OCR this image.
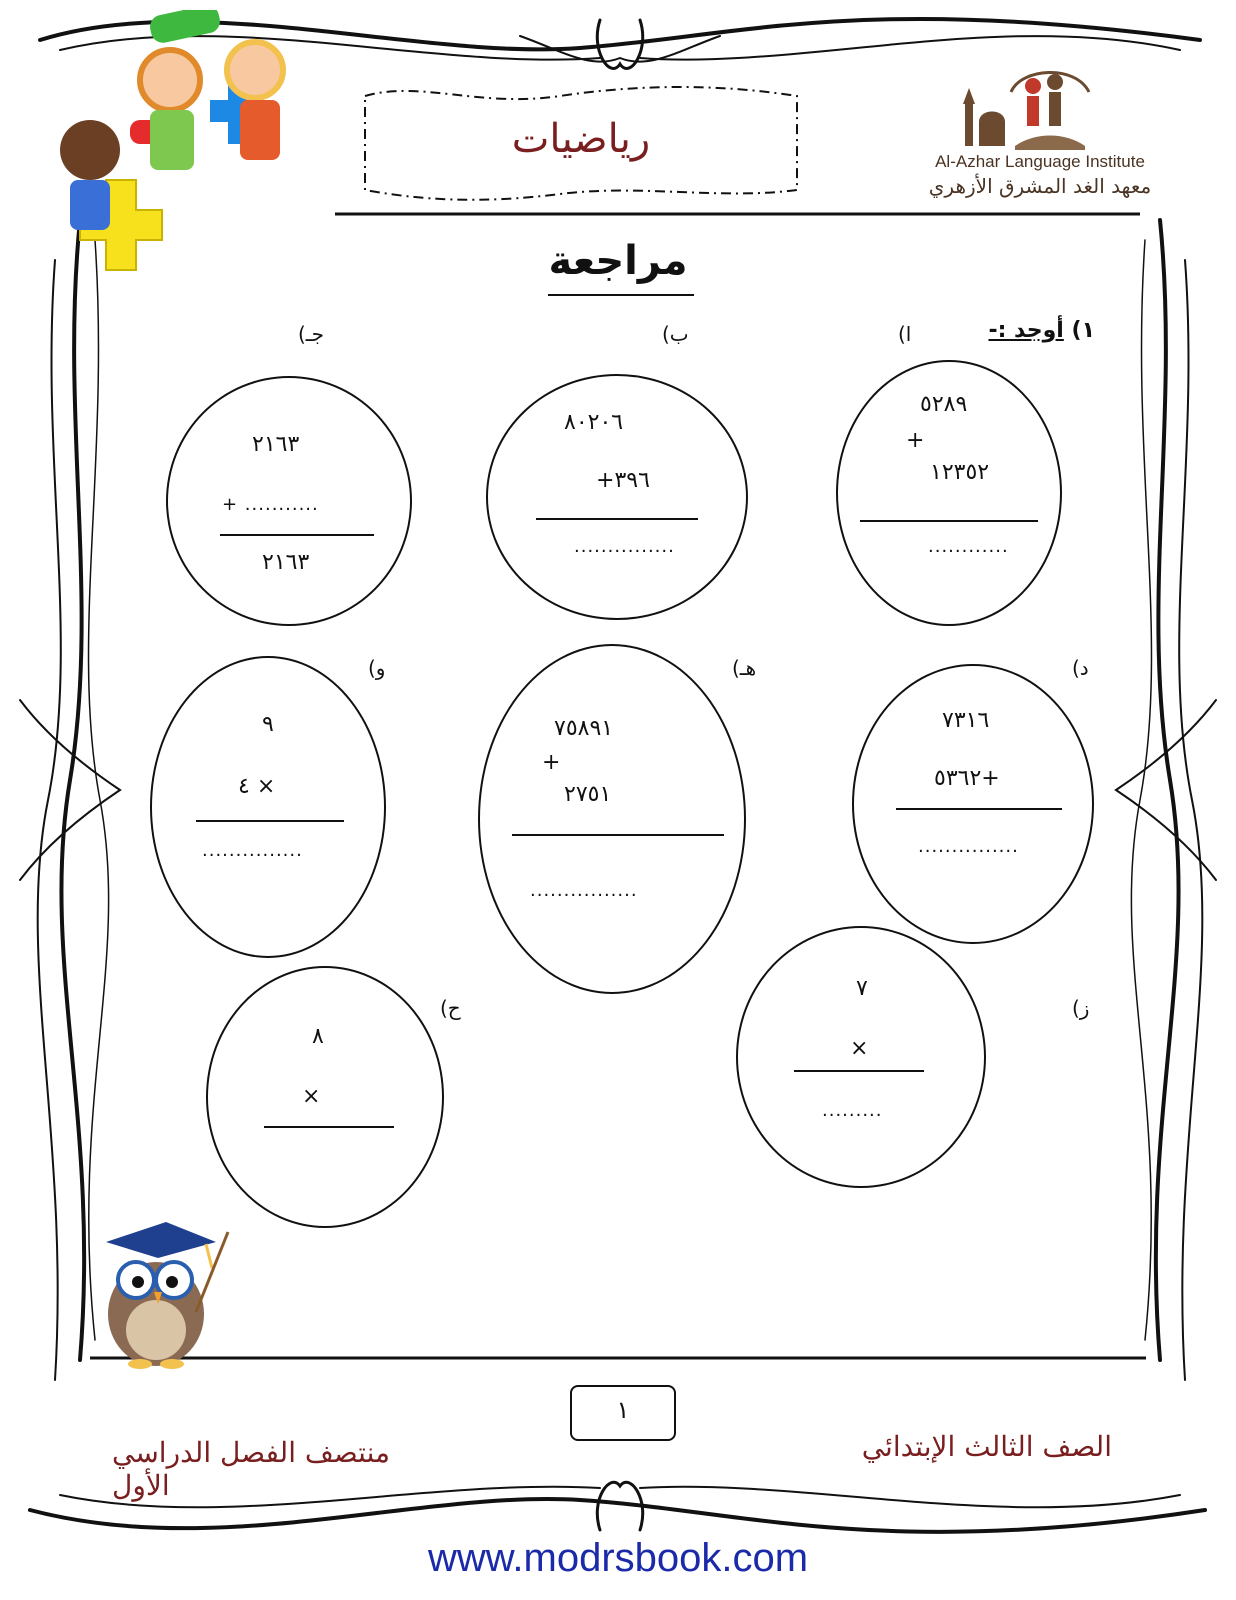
Al-Azhar Language Institute
معهد الغد المشرق الأزهري
رياضيات
مراجعة
١) أوجد :-
ا)
ب)
جـ)
د)
هـ)
و)
ز)
ح)
٥٢٨٩
+
١٢٣٥٢
............
٨٠٢٠٦
٣٩٦+
...............
٢١٦٣
+ ...........
٢١٦٣
٧٣١٦
+٥٣٦٢
...............
٧٥٨٩١
+
٢٧٥١
................
٩
× ٤
...............
٧
×
.........
٨
×
١
الصف الثالث الإبتدائي
منتصف الفصل الدراسي الأول
www.modrsbook.com
